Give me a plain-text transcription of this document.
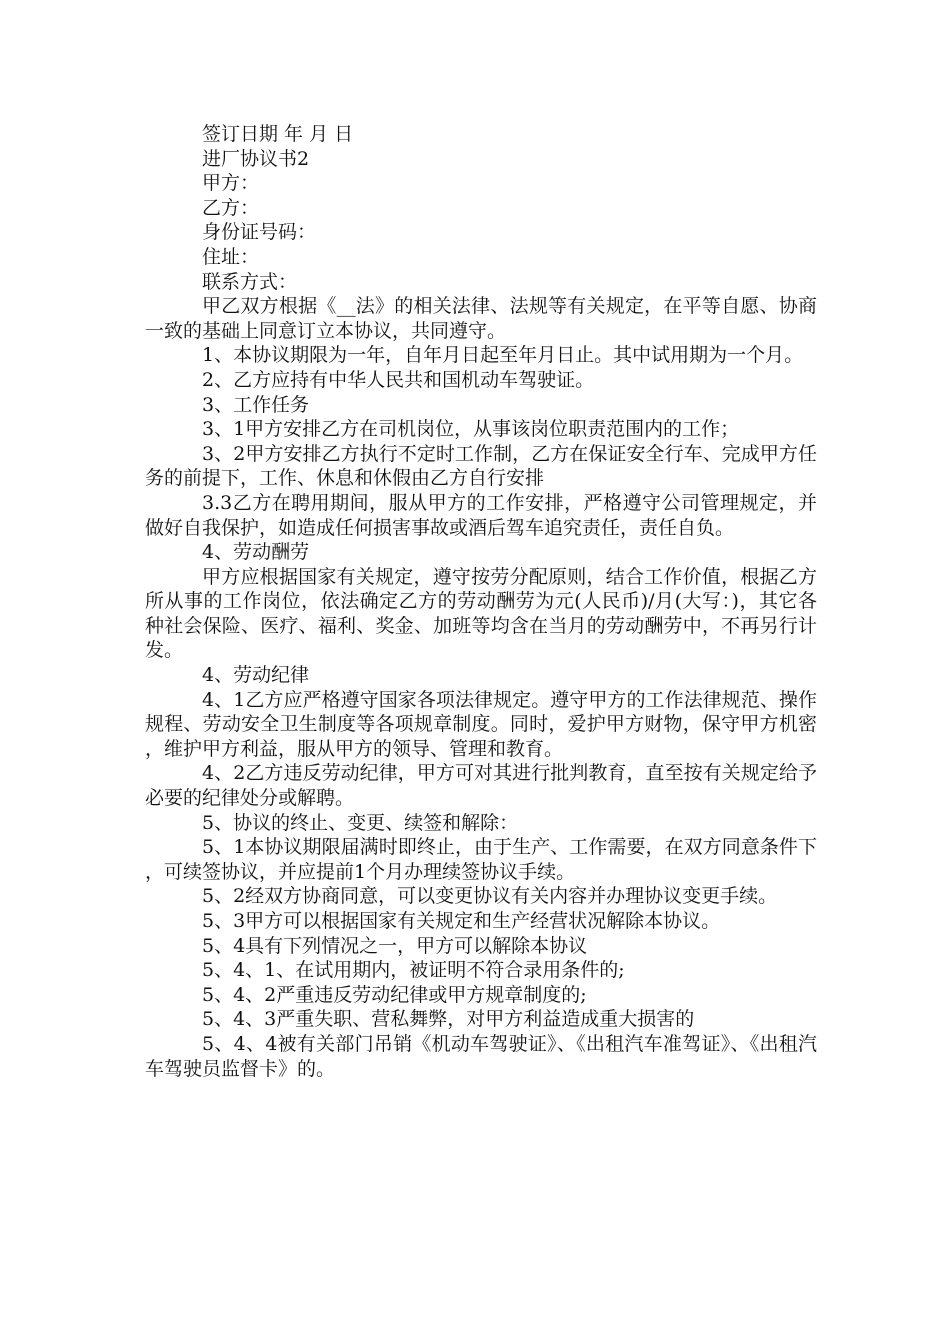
签订日期 年 月 日

进厂协议书2

甲方：

乙方：

身份证号码：

住址：

联系方式：

甲乙双方根据《__法》的相关法律、法规等有关规定，在平等自愿、协商一致的基础上同意订立本协议，共同遵守。

1、本协议期限为一年，自年月日起至年月日止。其中试用期为一个月。

2、乙方应持有中华人民共和国机动车驾驶证。

3、工作任务

3、1甲方安排乙方在司机岗位，从事该岗位职责范围内的工作；

3、2甲方安排乙方执行不定时工作制，乙方在保证安全行车、完成甲方任务的前提下，工作、休息和休假由乙方自行安排

3.3乙方在聘用期间，服从甲方的工作安排，严格遵守公司管理规定，并做好自我保护，如造成任何损害事故或酒后驾车追究责任，责任自负。

4、劳动酬劳

甲方应根据国家有关规定，遵守按劳分配原则，结合工作价值，根据乙方所从事的工作岗位，依法确定乙方的劳动酬劳为元(人民币)/月(大写：)，其它各种社会保险、医疗、福利、奖金、加班等均含在当月的劳动酬劳中，不再另行计发。

4、劳动纪律

4、1乙方应严格遵守国家各项法律规定。遵守甲方的工作法律规范、操作规程、劳动安全卫生制度等各项规章制度。同时，爱护甲方财物，保守甲方机密，维护甲方利益，服从甲方的领导、管理和教育。

4、2乙方违反劳动纪律，甲方可对其进行批判教育，直至按有关规定给予必要的纪律处分或解聘。

5、协议的终止、变更、续签和解除：

5、1本协议期限届满时即终止，由于生产、工作需要，在双方同意条件下，可续签协议，并应提前1个月办理续签协议手续。

5、2经双方协商同意，可以变更协议有关内容并办理协议变更手续。

5、3甲方可以根据国家有关规定和生产经营状况解除本协议。

5、4具有下列情况之一，甲方可以解除本协议

5、4、1、在试用期内，被证明不符合录用条件的;

5、4、2严重违反劳动纪律或甲方规章制度的;

5、4、3严重失职、营私舞弊，对甲方利益造成重大损害的

5、4、4被有关部门吊销《机动车驾驶证》、《出租汽车准驾证》、《出租汽车驾驶员监督卡》的。
